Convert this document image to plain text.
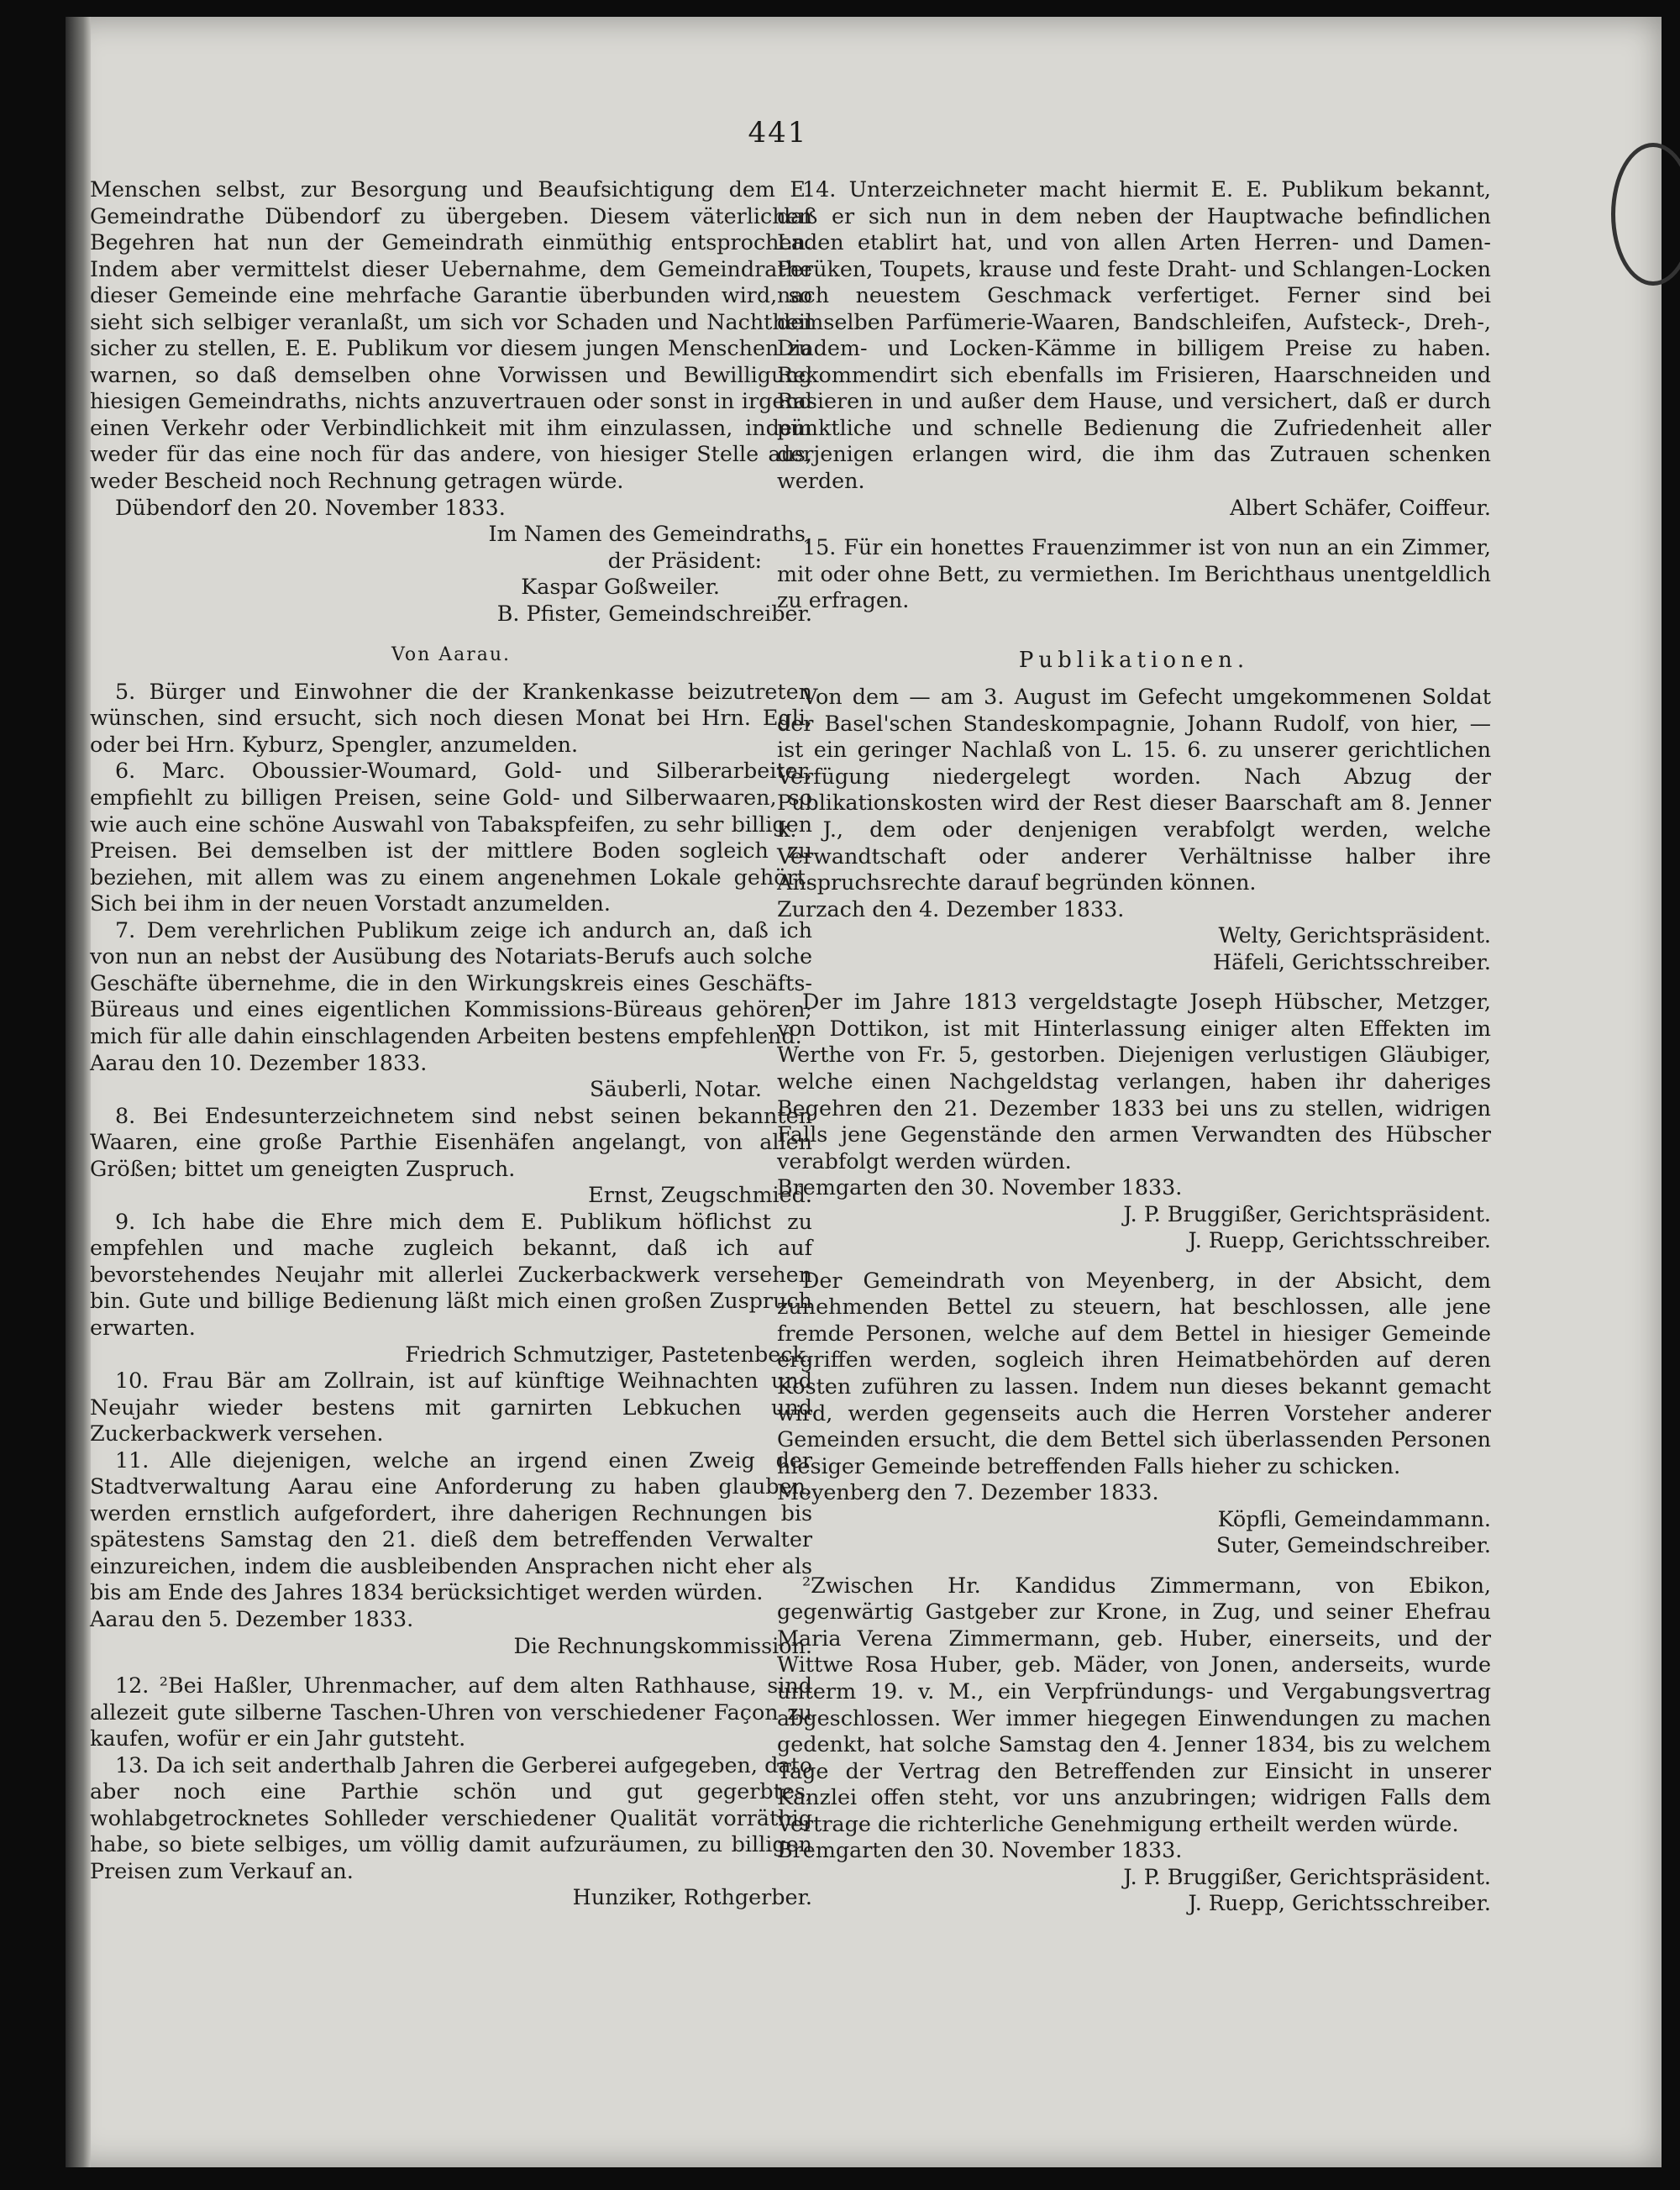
441

Menschen selbst, zur Besorgung und Beaufsichtigung dem E. Gemeindrathe Dübendorf zu übergeben. Diesem väterlichen Begehren hat nun der Gemeindrath einmüthig entsprochen. Indem aber vermittelst dieser Uebernahme, dem Gemeindrathe dieser Gemeinde eine mehrfache Garantie überbunden wird, so sieht sich selbiger veranlaßt, um sich vor Schaden und Nachtheil sicher zu stellen, E. E. Publikum vor diesem jungen Menschen zu warnen, so daß demselben ohne Vorwissen und Bewilligung hiesigen Gemeindraths, nichts anzuvertrauen oder sonst in irgend einen Verkehr oder Verbindlichkeit mit ihm einzulassen, indem weder für das eine noch für das andere, von hiesiger Stelle aus, weder Bescheid noch Rechnung getragen würde.

Dübendorf den 20. November 1833.

Im Namen des Gemeindraths,

der Präsident:

Kaspar Goßweiler.

B. Pfister, Gemeindschreiber.

Von Aarau.

5. Bürger und Einwohner die der Krankenkasse beizutreten wünschen, sind ersucht, sich noch diesen Monat bei Hrn. Egli, oder bei Hrn. Kyburz, Spengler, anzumelden.

6. Marc. Oboussier-Woumard, Gold- und Silberarbeiter, empfiehlt zu billigen Preisen, seine Gold- und Silberwaaren, so wie auch eine schöne Auswahl von Tabakspfeifen, zu sehr billigen Preisen. Bei demselben ist der mittlere Boden sogleich zu beziehen, mit allem was zu einem angenehmen Lokale gehört. Sich bei ihm in der neuen Vorstadt anzumelden.

7. Dem verehrlichen Publikum zeige ich andurch an, daß ich von nun an nebst der Ausübung des Notariats-Berufs auch solche Geschäfte übernehme, die in den Wirkungskreis eines Geschäfts-Büreaus und eines eigentlichen Kommissions-Büreaus gehören; mich für alle dahin einschlagenden Arbeiten bestens empfehlend.

Aarau den 10. Dezember 1833.

Säuberli, Notar.

8. Bei Endesunterzeichnetem sind nebst seinen bekannten Waaren, eine große Parthie Eisenhäfen angelangt, von allen Größen; bittet um geneigten Zuspruch.

Ernst, Zeugschmied.

9. Ich habe die Ehre mich dem E. Publikum höflichst zu empfehlen und mache zugleich bekannt, daß ich auf bevorstehendes Neujahr mit allerlei Zuckerbackwerk versehen bin. Gute und billige Bedienung läßt mich einen großen Zuspruch erwarten.

Friedrich Schmutziger, Pastetenbeck.

10. Frau Bär am Zollrain, ist auf künftige Weihnachten und Neujahr wieder bestens mit garnirten Lebkuchen und Zuckerbackwerk versehen.

11. Alle diejenigen, welche an irgend einen Zweig der Stadtverwaltung Aarau eine Anforderung zu haben glauben, werden ernstlich aufgefordert, ihre daherigen Rechnungen bis spätestens Samstag den 21. dieß dem betreffenden Verwalter einzureichen, indem die ausbleibenden Ansprachen nicht eher als bis am Ende des Jahres 1834 berücksichtiget werden würden.

Aarau den 5. Dezember 1833.

Die Rechnungskommission.

12. ²Bei Haßler, Uhrenmacher, auf dem alten Rathhause, sind allezeit gute silberne Taschen-Uhren von verschiedener Façon zu kaufen, wofür er ein Jahr gutsteht.

13. Da ich seit anderthalb Jahren die Gerberei aufgegeben, dato aber noch eine Parthie schön und gut gegerbtes, wohlabgetrocknetes Sohlleder verschiedener Qualität vorräthig habe, so biete selbiges, um völlig damit aufzuräumen, zu billigen Preisen zum Verkauf an.

Hunziker, Rothgerber.

14. Unterzeichneter macht hiermit E. E. Publikum bekannt, daß er sich nun in dem neben der Hauptwache befindlichen Laden etablirt hat, und von allen Arten Herren- und Damen-Perüken, Toupets, krause und feste Draht- und Schlangen-Locken nach neuestem Geschmack verfertiget. Ferner sind bei demselben Parfümerie-Waaren, Bandschleifen, Aufsteck-, Dreh-, Diadem- und Locken-Kämme in billigem Preise zu haben. Rekommendirt sich ebenfalls im Frisieren, Haarschneiden und Rasieren in und außer dem Hause, und versichert, daß er durch pünktliche und schnelle Bedienung die Zufriedenheit aller derjenigen erlangen wird, die ihm das Zutrauen schenken werden.

Albert Schäfer, Coiffeur.

15. Für ein honettes Frauenzimmer ist von nun an ein Zimmer, mit oder ohne Bett, zu vermiethen. Im Berichthaus unentgeldlich zu erfragen.

Publikationen.

Von dem — am 3. August im Gefecht umgekommenen Soldat der Basel'schen Standeskompagnie, Johann Rudolf, von hier, — ist ein geringer Nachlaß von L. 15. 6. zu unserer gerichtlichen Verfügung niedergelegt worden. Nach Abzug der Publikationskosten wird der Rest dieser Baarschaft am 8. Jenner k. J., dem oder denjenigen verabfolgt werden, welche Verwandtschaft oder anderer Verhältnisse halber ihre Anspruchsrechte darauf begründen können.

Zurzach den 4. Dezember 1833.

Welty, Gerichtspräsident.

Häfeli, Gerichtsschreiber.

Der im Jahre 1813 vergeldstagte Joseph Hübscher, Metzger, von Dottikon, ist mit Hinterlassung einiger alten Effekten im Werthe von Fr. 5, gestorben. Diejenigen verlustigen Gläubiger, welche einen Nachgeldstag verlangen, haben ihr daheriges Begehren den 21. Dezember 1833 bei uns zu stellen, widrigen Falls jene Gegenstände den armen Verwandten des Hübscher verabfolgt werden würden.

Bremgarten den 30. November 1833.

J. P. Bruggißer, Gerichtspräsident.

J. Ruepp, Gerichtsschreiber.

Der Gemeindrath von Meyenberg, in der Absicht, dem zunehmenden Bettel zu steuern, hat beschlossen, alle jene fremde Personen, welche auf dem Bettel in hiesiger Gemeinde ergriffen werden, sogleich ihren Heimatbehörden auf deren Kosten zuführen zu lassen. Indem nun dieses bekannt gemacht wird, werden gegenseits auch die Herren Vorsteher anderer Gemeinden ersucht, die dem Bettel sich überlassenden Personen hiesiger Gemeinde betreffenden Falls hieher zu schicken.

Meyenberg den 7. Dezember 1833.

Köpfli, Gemeindammann.

Suter, Gemeindschreiber.

²Zwischen Hr. Kandidus Zimmermann, von Ebikon, gegenwärtig Gastgeber zur Krone, in Zug, und seiner Ehefrau Maria Verena Zimmermann, geb. Huber, einerseits, und der Wittwe Rosa Huber, geb. Mäder, von Jonen, anderseits, wurde unterm 19. v. M., ein Verpfründungs- und Vergabungsvertrag abgeschlossen. Wer immer hiegegen Einwendungen zu machen gedenkt, hat solche Samstag den 4. Jenner 1834, bis zu welchem Tage der Vertrag den Betreffenden zur Einsicht in unserer Kanzlei offen steht, vor uns anzubringen; widrigen Falls dem Vertrage die richterliche Genehmigung ertheilt werden würde.

Bremgarten den 30. November 1833.

J. P. Bruggißer, Gerichtspräsident.

J. Ruepp, Gerichtsschreiber.
